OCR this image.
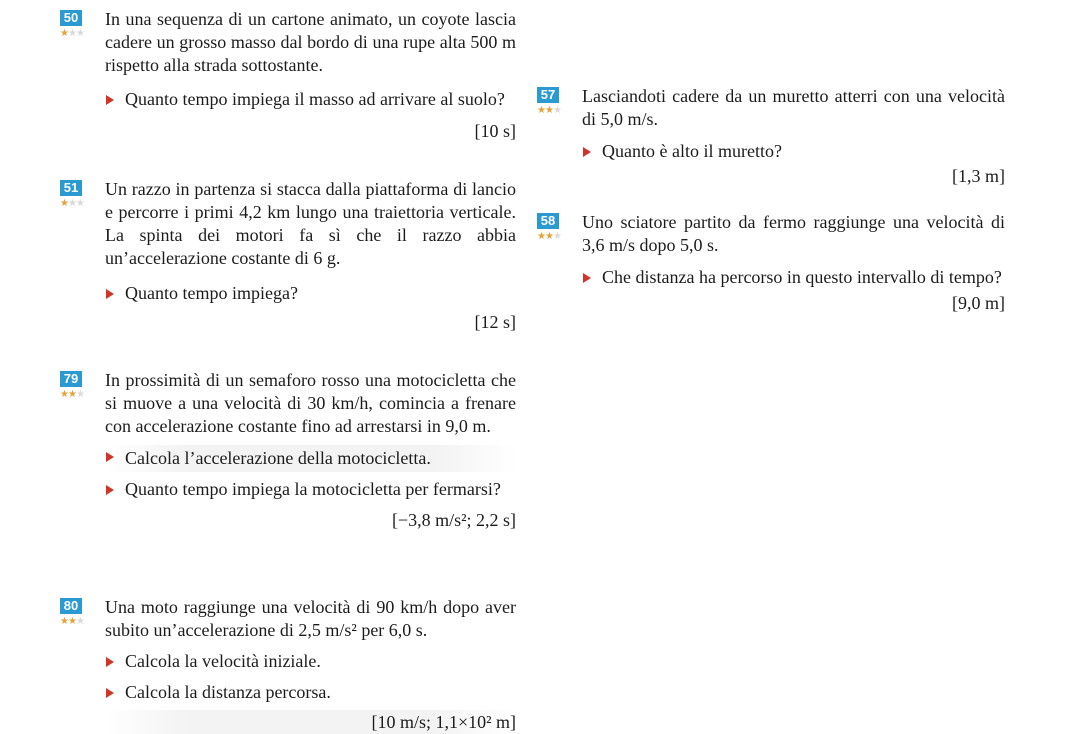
50
★★★

In una sequenza di un cartone animato, un coyote lascia cadere un grosso masso dal bordo di una rupe alta 500 m rispetto alla strada sottostante.

Quanto tempo impiega il masso ad arrivare al suolo?
[10 s]
51
★★★

Un razzo in partenza si stacca dalla piattaforma di lancio e percorre i primi 4,2 km lungo una traiettoria verticale. La spinta dei motori fa sì che il razzo abbia un’accelerazione costante di 6 g.

Quanto tempo impiega?
[12 s]
57
★★★

Lasciandoti cadere da un muretto atterri con una velocità di 5,0 m/s.

Quanto è alto il muretto?
[1,3 m]
58
★★★

Uno sciatore partito da fermo raggiunge una velocità di 3,6 m/s dopo 5,0 s.

Che distanza ha percorso in questo intervallo di tempo?
[9,0 m]
79
★★★

In prossimità di un semaforo rosso una motocicletta che si muove a una velocità di 30 km/h, comincia a frenare con accelerazione costante fino ad arrestarsi in 9,0 m.

Calcola l’accelerazione della motocicletta.
Quanto tempo impiega la motocicletta per fermarsi?
[−3,8 m/s²; 2,2 s]
80
★★★

Una moto raggiunge una velocità di 90 km/h dopo aver subito un’accelerazione di 2,5 m/s² per 6,0 s.

Calcola la velocità iniziale.
Calcola la distanza percorsa.
[10 m/s; 1,1×10² m]
